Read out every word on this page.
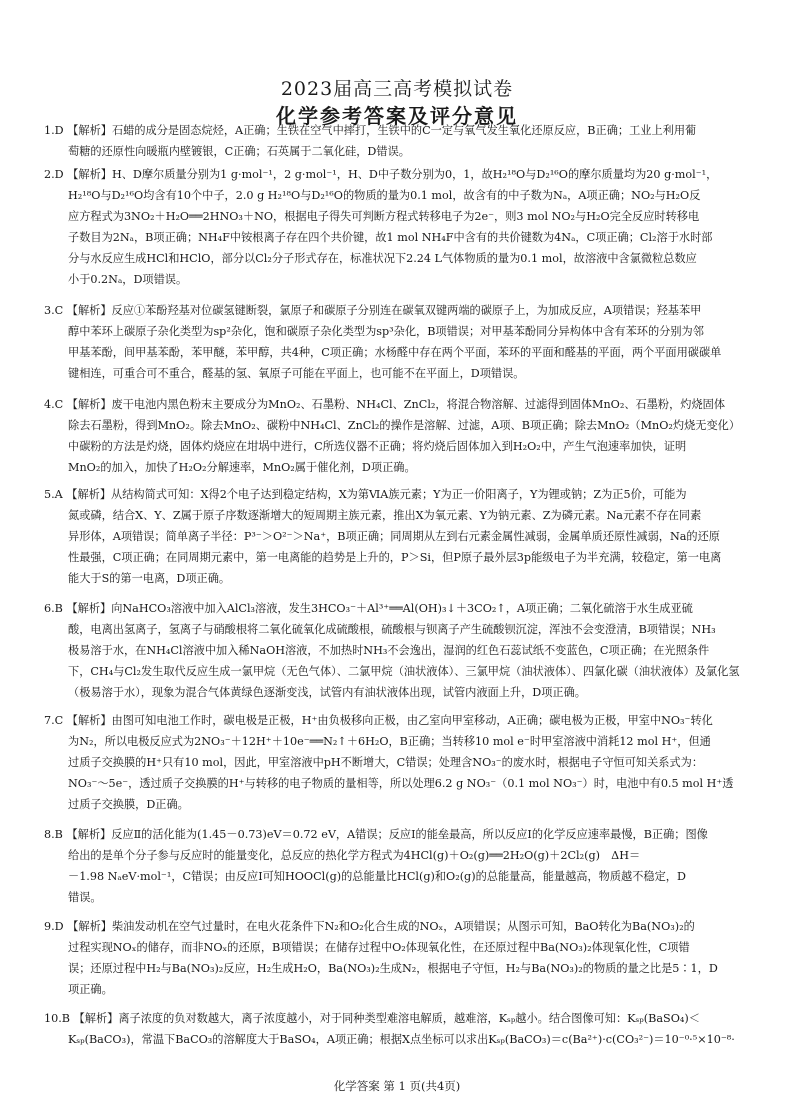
2023届高三高考模拟试卷
化学参考答案及评分意见
1.D 【解析】石蜡的成分是固态烷烃，A正确；生铁在空气中摔打，生铁中的C一定与氧气发生氧化还原反应，B正确；工业上利用葡
萄糖的还原性向暖瓶内壁镀银，C正确；石英属于二氧化硅，D错误。
2.D 【解析】H、D摩尔质量分别为1 g·mol⁻¹，2 g·mol⁻¹，H、D中子数分别为0，1，故H₂¹⁸O与D₂¹⁶O的摩尔质量均为20 g·mol⁻¹，
H₂¹⁸O与D₂¹⁶O均含有10个中子，2.0 g H₂¹⁸O与D₂¹⁶O的物质的量为0.1 mol，故含有的中子数为Nₐ，A项正确；NO₂与H₂O反
应方程式为3NO₂＋H₂O══2HNO₃＋NO，根据电子得失可判断方程式转移电子为2e⁻，则3 mol NO₂与H₂O完全反应时转移电
子数目为2Nₐ，B项正确；NH₄F中铵根离子存在四个共价键，故1 mol NH₄F中含有的共价键数为4Nₐ，C项正确；Cl₂溶于水时部
分与水反应生成HCl和HClO，部分以Cl₂分子形式存在，标准状况下2.24 L气体物质的量为0.1 mol，故溶液中含氯微粒总数应
小于0.2Nₐ，D项错误。
3.C 【解析】反应①苯酚羟基对位碳氢键断裂，氯原子和碳原子分别连在碳氧双键两端的碳原子上，为加成反应，A项错误；羟基苯甲
醇中苯环上碳原子杂化类型为sp²杂化，饱和碳原子杂化类型为sp³杂化，B项错误；对甲基苯酚同分异构体中含有苯环的分别为邻
甲基苯酚，间甲基苯酚，苯甲醚，苯甲醇，共4种，C项正确；水杨醛中存在两个平面，苯环的平面和醛基的平面，两个平面用碳碳单
键相连，可重合可不重合，醛基的氢、氧原子可能在平面上，也可能不在平面上，D项错误。
4.C 【解析】废干电池内黑色粉末主要成分为MnO₂、石墨粉、NH₄Cl、ZnCl₂，将混合物溶解、过滤得到固体MnO₂、石墨粉，灼烧固体
除去石墨粉，得到MnO₂。除去MnO₂、碳粉中NH₄Cl、ZnCl₂的操作是溶解、过滤，A项、B项正确；除去MnO₂（MnO₂灼烧无变化）
中碳粉的方法是灼烧，固体灼烧应在坩埚中进行，C所选仪器不正确；将灼烧后固体加入到H₂O₂中，产生气泡速率加快，证明
MnO₂的加入，加快了H₂O₂分解速率，MnO₂属于催化剂，D项正确。
5.A 【解析】从结构简式可知：X得2个电子达到稳定结构，X为第ⅥA族元素；Y为正一价阳离子，Y为锂或钠；Z为正5价，可能为
氮或磷，结合X、Y、Z属于原子序数逐渐增大的短周期主族元素，推出X为氧元素、Y为钠元素、Z为磷元素。Na元素不存在同素
异形体，A项错误；简单离子半径：P³⁻＞O²⁻＞Na⁺，B项正确；同周期从左到右元素金属性减弱，金属单质还原性减弱，Na的还原
性最强，C项正确；在同周期元素中，第一电离能的趋势是上升的，P＞Si，但P原子最外层3p能级电子为半充满，较稳定，第一电离
能大于S的第一电离，D项正确。
6.B 【解析】向NaHCO₃溶液中加入AlCl₃溶液，发生3HCO₃⁻＋Al³⁺══Al(OH)₃↓＋3CO₂↑，A项正确；二氧化硫溶于水生成亚硫
酸，电离出氢离子，氢离子与硝酸根将二氧化硫氧化成硫酸根，硫酸根与钡离子产生硫酸钡沉淀，浑浊不会变澄清，B项错误；NH₃
极易溶于水，在NH₄Cl溶液中加入稀NaOH溶液，不加热时NH₃不会逸出，湿润的红色石蕊试纸不变蓝色，C项正确；在光照条件
下，CH₄与Cl₂发生取代反应生成一氯甲烷（无色气体）、二氯甲烷（油状液体）、三氯甲烷（油状液体）、四氯化碳（油状液体）及氯化氢
（极易溶于水），现象为混合气体黄绿色逐渐变浅，试管内有油状液体出现，试管内液面上升，D项正确。
7.C 【解析】由图可知电池工作时，碳电极是正极，H⁺由负极移向正极，由乙室向甲室移动，A正确；碳电极为正极，甲室中NO₃⁻转化
为N₂，所以电极反应式为2NO₃⁻＋12H⁺＋10e⁻══N₂↑＋6H₂O，B正确；当转移10 mol e⁻时甲室溶液中消耗12 mol H⁺，但通
过质子交换膜的H⁺只有10 mol，因此，甲室溶液中pH不断增大，C错误；处理含NO₃⁻的废水时，根据电子守恒可知关系式为：
NO₃⁻～5e⁻，透过质子交换膜的H⁺与转移的电子物质的量相等，所以处理6.2 g NO₃⁻（0.1 mol NO₃⁻）时，电池中有0.5 mol H⁺透
过质子交换膜，D正确。
8.B 【解析】反应Ⅱ的活化能为(1.45－0.73)eV＝0.72 eV，A错误；反应Ⅰ的能垒最高，所以反应Ⅰ的化学反应速率最慢，B正确；图像
给出的是单个分子参与反应时的能量变化，总反应的热化学方程式为4HCl(g)＋O₂(g)══2H₂O(g)＋2Cl₂(g)　ΔH＝
－1.98 NₐeV·mol⁻¹，C错误；由反应Ⅰ可知HOOCl(g)的总能量比HCl(g)和O₂(g)的总能量高，能量越高，物质越不稳定，D
错误。
9.D 【解析】柴油发动机在空气过量时，在电火花条件下N₂和O₂化合生成的NOₓ，A项错误；从图示可知，BaO转化为Ba(NO₃)₂的
过程实现NOₓ的储存，而非NOₓ的还原，B项错误；在储存过程中O₂体现氧化性，在还原过程中Ba(NO₃)₂体现氧化性，C项错
误；还原过程中H₂与Ba(NO₃)₂反应，H₂生成H₂O，Ba(NO₃)₂生成N₂，根据电子守恒，H₂与Ba(NO₃)₂的物质的量之比是5∶1，D
项正确。
10.B 【解析】离子浓度的负对数越大，离子浓度越小，对于同种类型难溶电解质，越难溶，Kₛₚ越小。结合图像可知：Kₛₚ(BaSO₄)＜
Kₛₚ(BaCO₃)，常温下BaCO₃的溶解度大于BaSO₄，A项正确；根据X点坐标可以求出Kₛₚ(BaCO₃)＝c(Ba²⁺)·c(CO₃²⁻)＝10⁻⁰·⁵×10⁻⁸·
化学答案 第 1 页(共4页)
